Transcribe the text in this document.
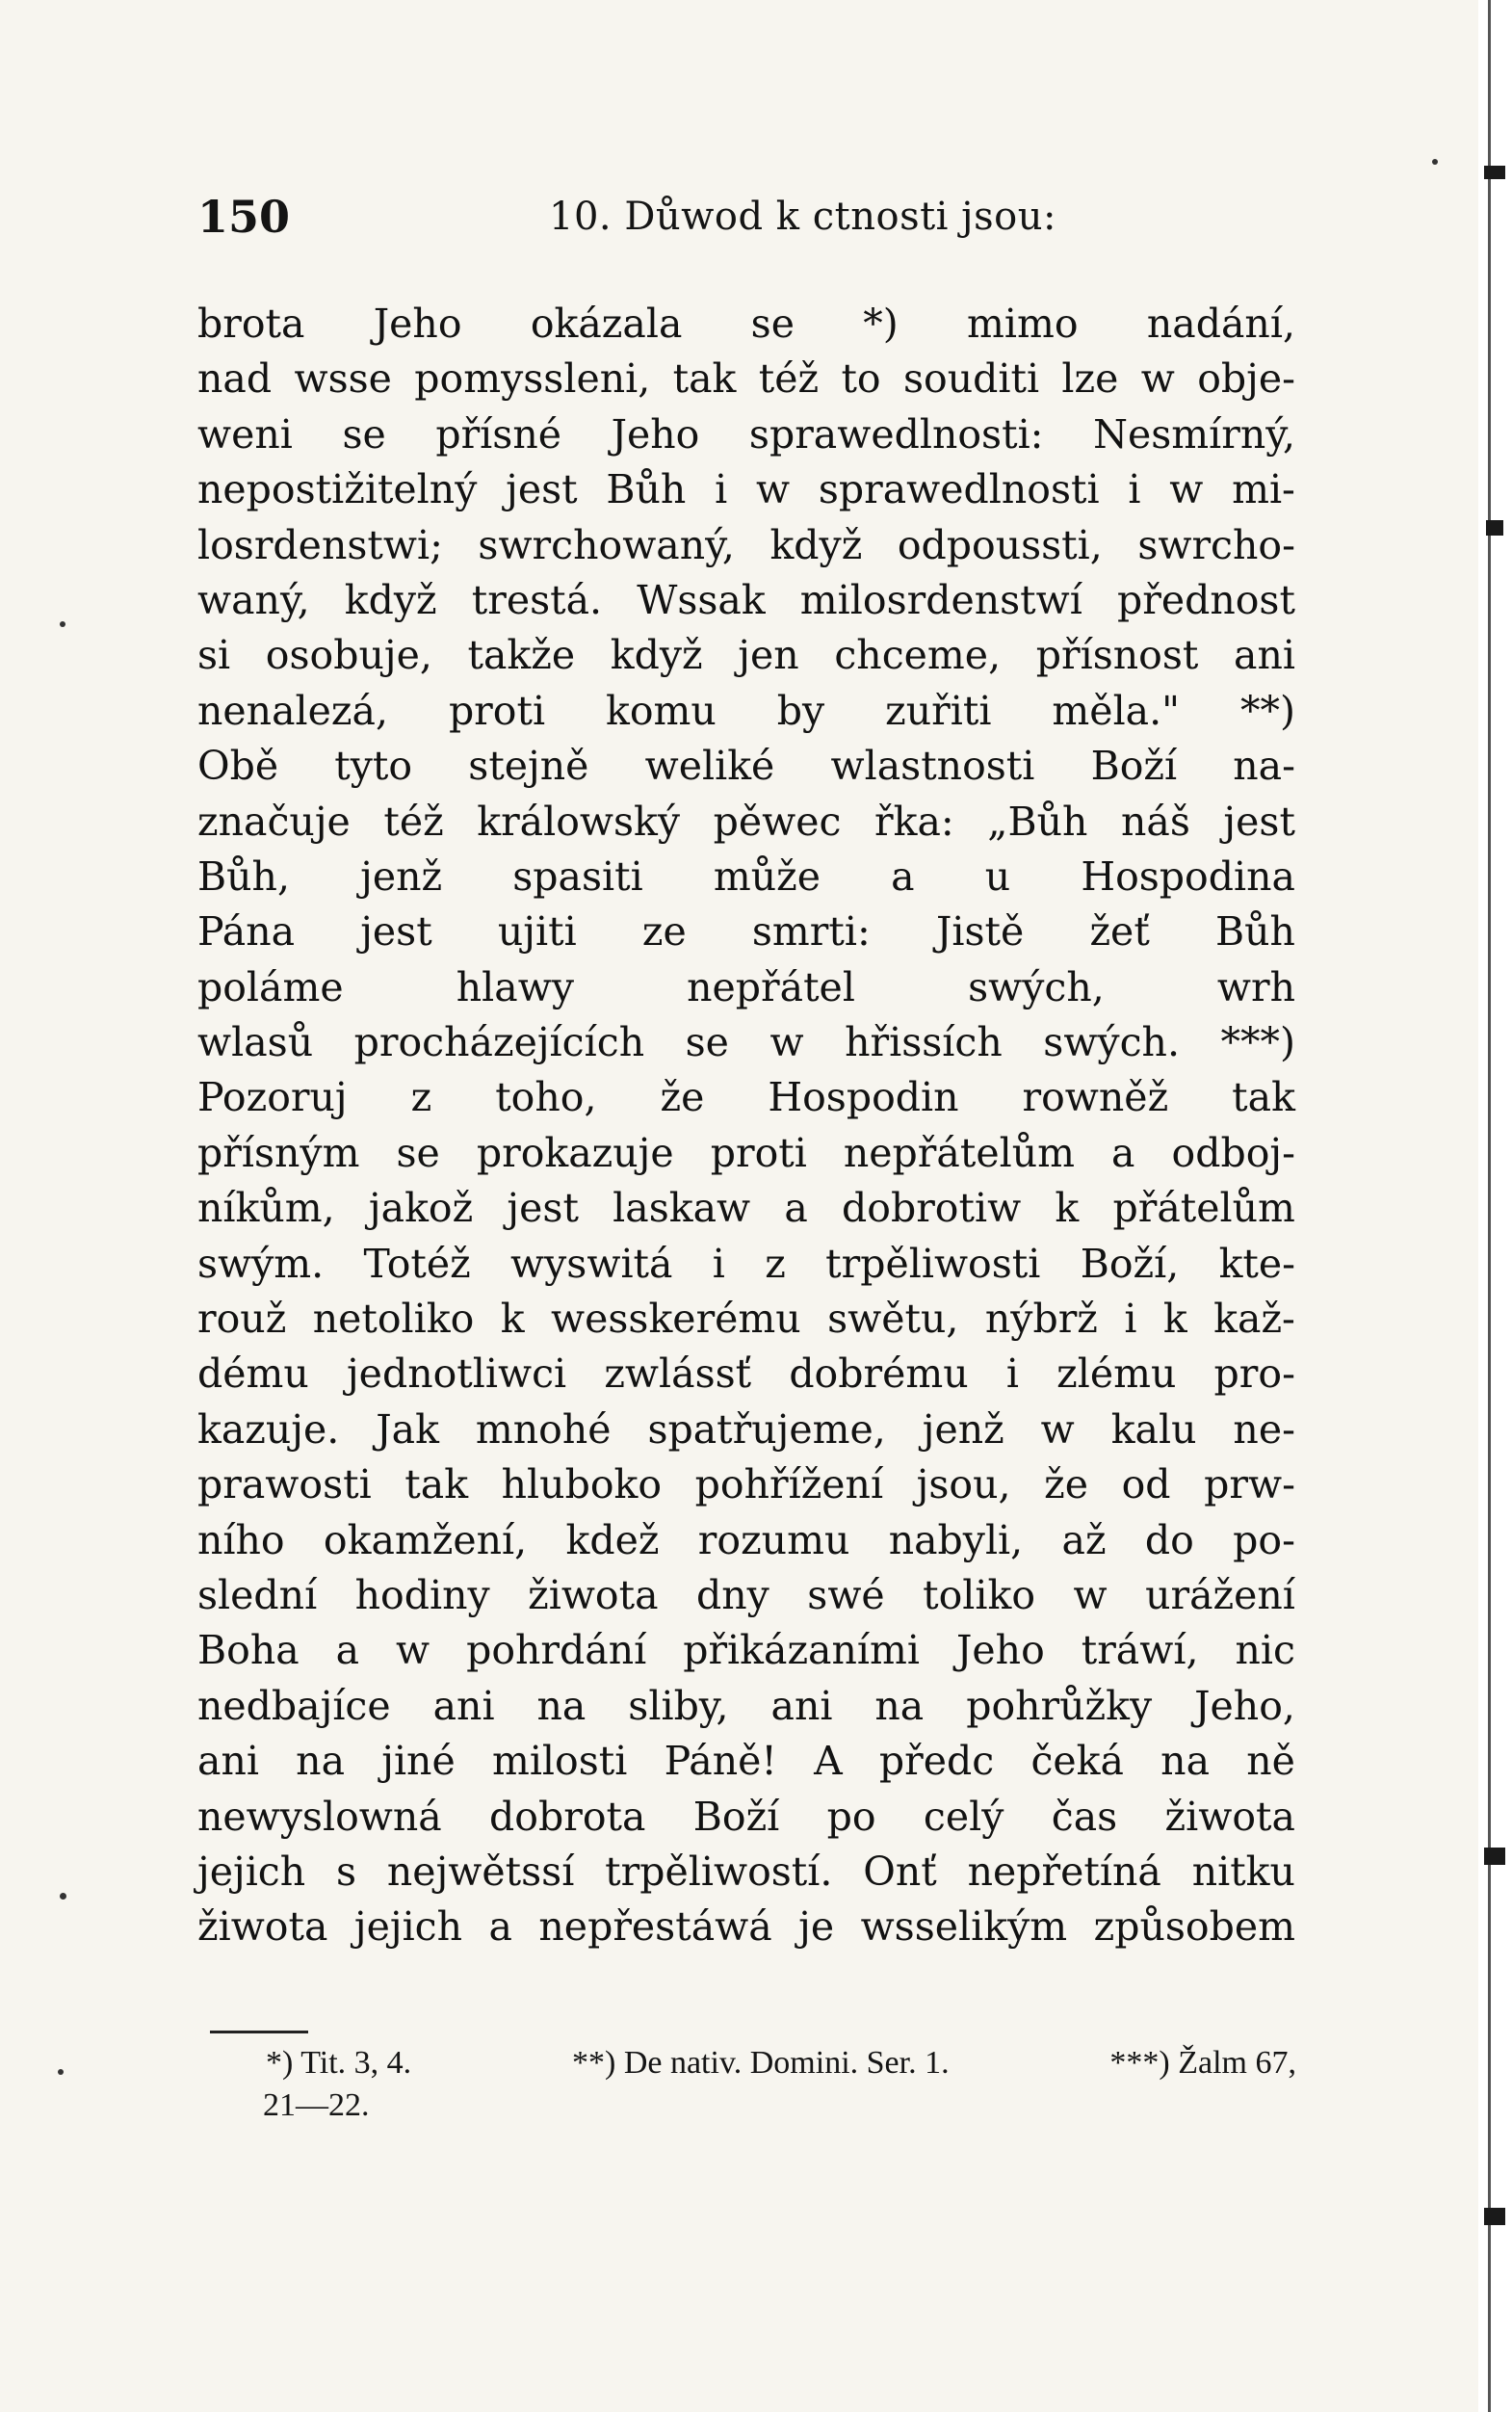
150	10. Důwod k ctnosti jsou:
brota Jeho okázala se *) mimo nadání,
nad wsse pomyssleni, tak též to souditi lze w obje-
weni se přísné Jeho sprawedlnosti: Nesmírný,
nepostižitelný jest Bůh i w sprawedlnosti i w mi-
losrdenstwi; swrchowaný, když odpoussti, swrcho-
waný, když trestá. Wssak milosrdenstwí přednost
si osobuje, takže když jen chceme, přísnost ani
nenalezá, proti komu by zuřiti měla." **)
Obě tyto stejně weliké wlastnosti Boží na-
značuje též králowský pěwec řka: „Bůh náš jest
Bůh, jenž spasiti může a u Hospodina
Pána jest ujiti ze smrti: Jistě žeť Bůh
poláme	hlawy	nepřátel	swých,	wrh
wlasů procházejících se w hřissích swých. ***)
Pozoruj z toho, že Hospodin rowněž tak
přísným se prokazuje proti nepřátelům a odboj-
níkům, jakož jest laskaw a dobrotiw k přátelům
swým. Totéž wyswitá i z trpěliwosti Boží, kte-
rouž netoliko k wesskerému swětu, nýbrž i k kaž-
dému jednotliwci zwlássť dobrému i zlému pro-
kazuje. Jak mnohé spatřujeme, jenž w kalu ne-
prawosti tak hluboko pohřížení jsou, že od prw-
ního okamžení, kdež rozumu nabyli, až do po-
slední hodiny žiwota dny swé toliko w urážení
Boha a w pohrdání přikázaními Jeho tráwí, nic
nedbajíce ani na sliby, ani na pohrůžky Jeho,
ani na jiné milosti Páně! A předc čeká na ně
newyslowná dobrota Boží po celý čas žiwota
jejich s nejwětssí trpěliwostí. Onť nepřetíná nitku
žiwota jejich a nepřestáwá je wsselikým způsobem
*) Tit. 3, 4.	**) De nativ. Domini. Ser. 1.	***) Žalm 67,
21—22.
